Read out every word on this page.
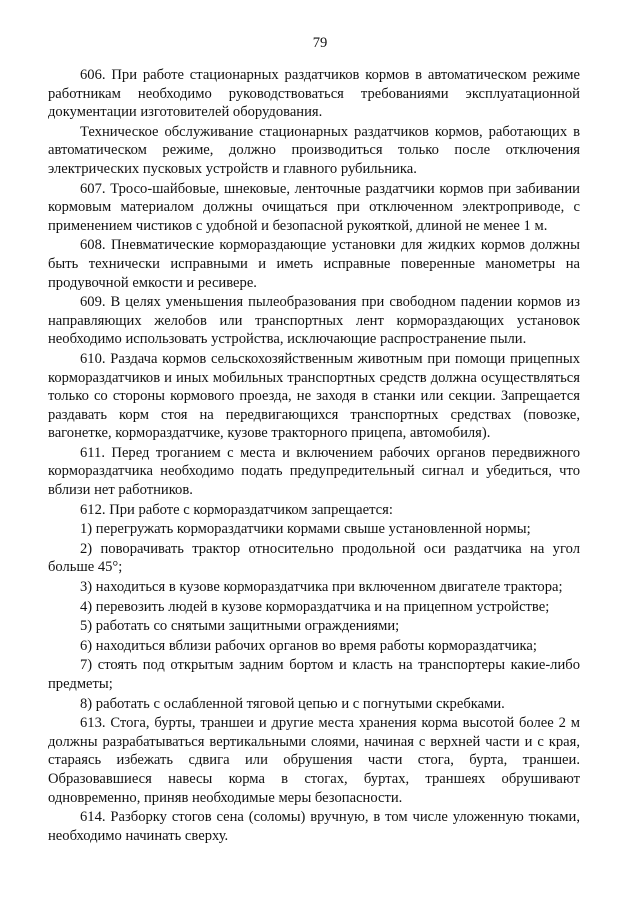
79

606. При работе стационарных раздатчиков кормов в автоматическом режиме работникам необходимо руководствоваться требованиями эксплуатационной документации изготовителей оборудования.

Техническое обслуживание стационарных раздатчиков кормов, работающих в автоматическом режиме, должно производиться только после отключения электрических пусковых устройств и главного рубильника.

607. Тросо-шайбовые, шнековые, ленточные раздатчики кормов при забивании кормовым материалом должны очищаться при отключенном электроприводе, с применением чистиков с удобной и безопасной рукояткой, длиной не менее 1 м.

608. Пневматические кормораздающие установки для жидких кормов должны быть технически исправными и иметь исправные поверенные манометры на продувочной емкости и ресивере.

609. В целях уменьшения пылеобразования при свободном падении кормов из направляющих желобов или транспортных лент кормораздающих установок необходимо использовать устройства, исключающие распространение пыли.

610. Раздача кормов сельскохозяйственным животным при помощи прицепных кормораздатчиков и иных мобильных транспортных средств должна осуществляться только со стороны кормового проезда, не заходя в станки или секции. Запрещается раздавать корм стоя на передвигающихся транспортных средствах (повозке, вагонетке, кормораздатчике, кузове тракторного прицепа, автомобиля).

611. Перед троганием с места и включением рабочих органов передвижного кормораздатчика необходимо подать предупредительный сигнал и убедиться, что вблизи нет работников.

612. При работе с кормораздатчиком запрещается:

1) перегружать кормораздатчики кормами свыше установленной нормы;

2) поворачивать трактор относительно продольной оси раздатчика на угол больше 45°;

3) находиться в кузове кормораздатчика при включенном двигателе трактора;

4) перевозить людей в кузове кормораздатчика и на прицепном устройстве;

5) работать со снятыми защитными ограждениями;

6) находиться вблизи рабочих органов во время работы кормораздатчика;

7) стоять под открытым задним бортом и класть на транспортеры какие-либо предметы;

8) работать с ослабленной тяговой цепью и с погнутыми скребками.

613. Стога, бурты, траншеи и другие места хранения корма высотой более 2 м должны разрабатываться вертикальными слоями, начиная с верхней части и с края, стараясь избежать сдвига или обрушения части стога, бурта, траншеи. Образовавшиеся навесы корма в стогах, буртах, траншеях обрушивают одновременно, приняв необходимые меры безопасности.

614. Разборку стогов сена (соломы) вручную, в том числе уложенную тюками, необходимо начинать сверху.
